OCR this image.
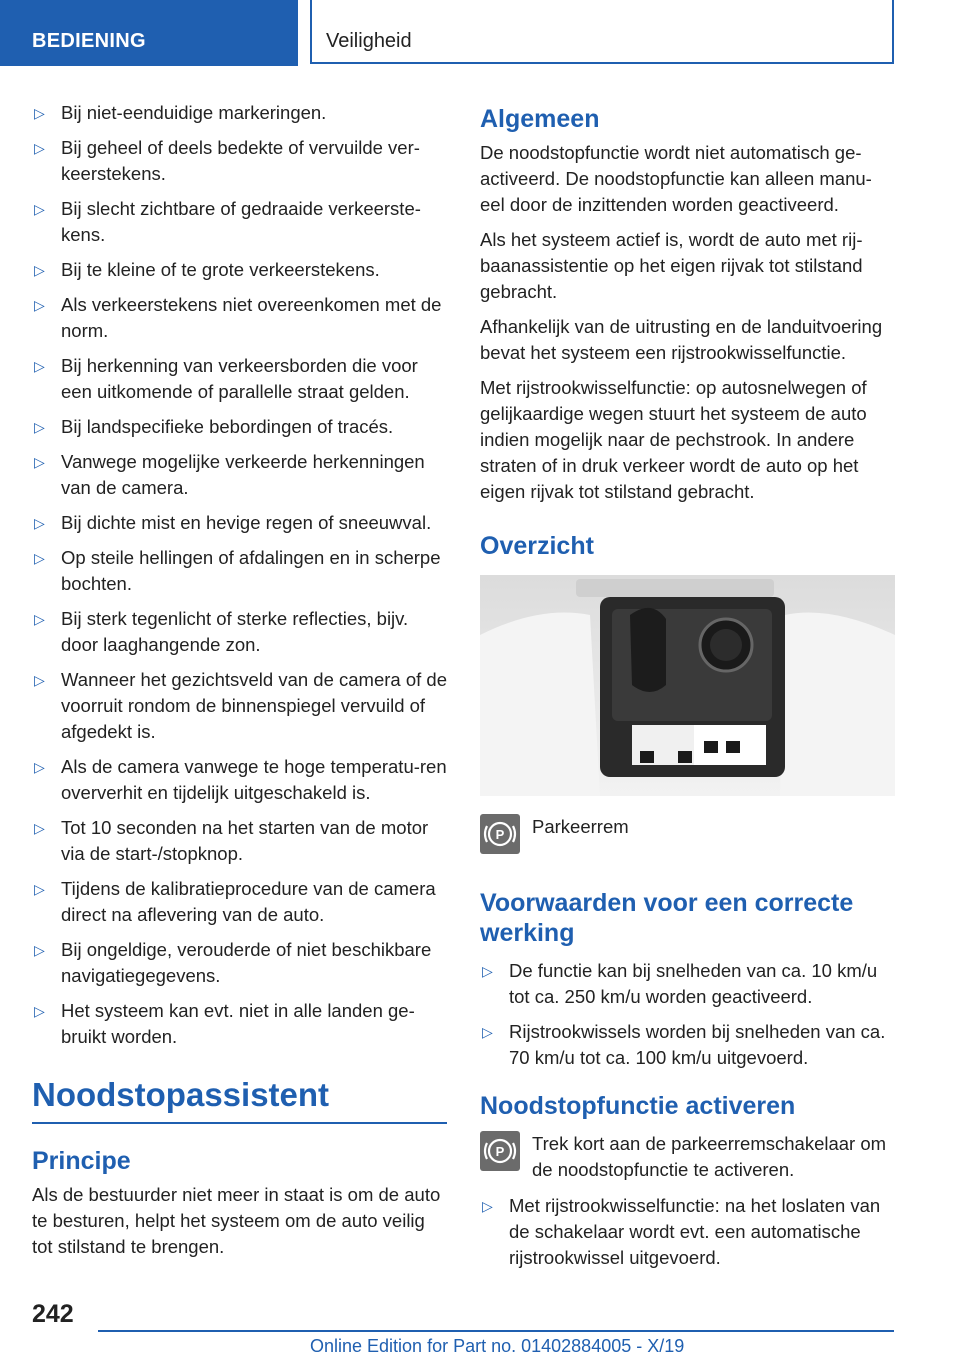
BEDIENING	Veiligheid
▷ Bij niet-eenduidige markeringen.
▷ Bij geheel of deels bedekte of vervuilde ver-keerstekens.
▷ Bij slecht zichtbare of gedraaide verkeerste-kens.
▷ Bij te kleine of te grote verkeerstekens.
▷ Als verkeerstekens niet overeenkomen met de norm.
▷ Bij herkenning van verkeersborden die voor een uitkomende of parallelle straat gelden.
▷ Bij landspecifieke bebordingen of tracés.
▷ Vanwege mogelijke verkeerde herkenningen van de camera.
▷ Bij dichte mist en hevige regen of sneeuwval.
▷ Op steile hellingen of afdalingen en in scherpe bochten.
▷ Bij sterk tegenlicht of sterke reflecties, bijv. door laaghangende zon.
▷ Wanneer het gezichtsveld van de camera of de voorruit rondom de binnenspiegel vervuild of afgedekt is.
▷ Als de camera vanwege te hoge temperatu-ren oververhit en tijdelijk uitgeschakeld is.
▷ Tot 10 seconden na het starten van de motor via de start-/stopknop.
▷ Tijdens de kalibratieprocedure van de camera direct na aflevering van de auto.
▷ Bij ongeldige, verouderde of niet beschikbare navigatiegegevens.
▷ Het systeem kan evt. niet in alle landen ge-bruikt worden.
Noodstopassistent
Principe

Als de bestuurder niet meer in staat is om de auto te besturen, helpt het systeem om de auto veilig tot stilstand te brengen.

Algemeen

De noodstopfunctie wordt niet automatisch ge-activeerd. De noodstopfunctie kan alleen manu-eel door de inzittenden worden geactiveerd.

Als het systeem actief is, wordt de auto met rij-baanassistentie op het eigen rijvak tot stilstand gebracht.

Afhankelijk van de uitrusting en de landuitvoering bevat het systeem een rijstrookwisselfunctie.

Met rijstrookwisselfunctie: op autosnelwegen of gelijkaardige wegen stuurt het systeem de auto indien mogelijk naar de pechstrook. In andere straten of in druk verkeer wordt de auto op het eigen rijvak tot stilstand gebracht.

Overzicht
P	Parkeerrem
Voorwaarden voor een correcte werking
▷ De functie kan bij snelheden van ca. 10 km/u tot ca. 250 km/u worden geactiveerd.
▷ Rijstrookwissels worden bij snelheden van ca. 70 km/u tot ca. 100 km/u uitgevoerd.
Noodstopfunctie activeren
P	Trek kort aan de parkeerremschakelaar om de noodstopfunctie te activeren.
▷ Met rijstrookwisselfunctie: na het loslaten van de schakelaar wordt evt. een automatische rijstrookwissel uitgevoerd.
242
Online Edition for Part no. 01402884005 - X/19
